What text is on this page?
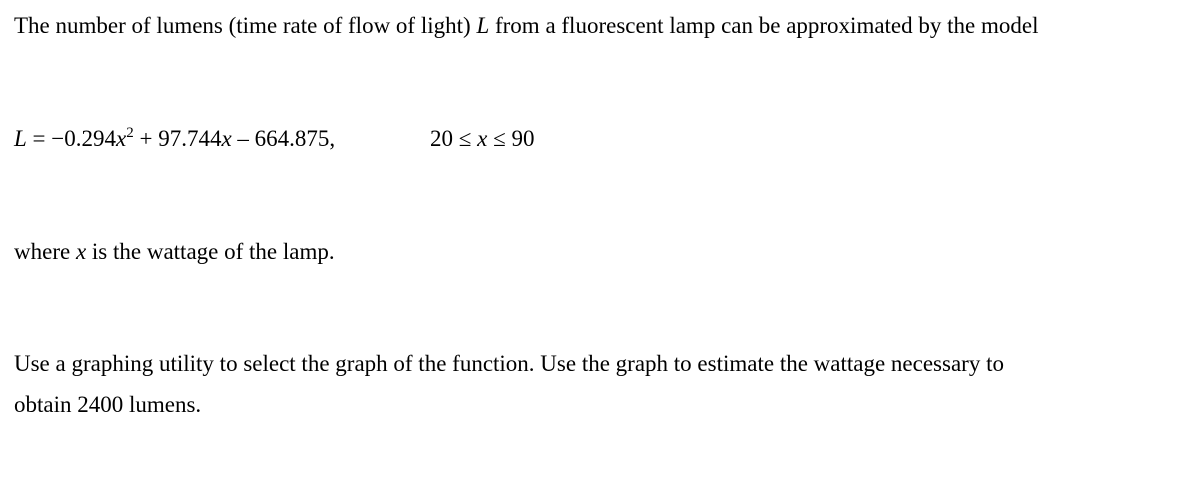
The number of lumens (time rate of flow of light) L from a fluorescent lamp can be approximated by the model
$L = -0.294x^2 + 97.744x - 664.875$,	20 ≤ x ≤ 90
where x is the wattage of the lamp.
Use a graphing utility to select the graph of the function. Use the graph to estimate the wattage necessary to
obtain 2400 lumens.
